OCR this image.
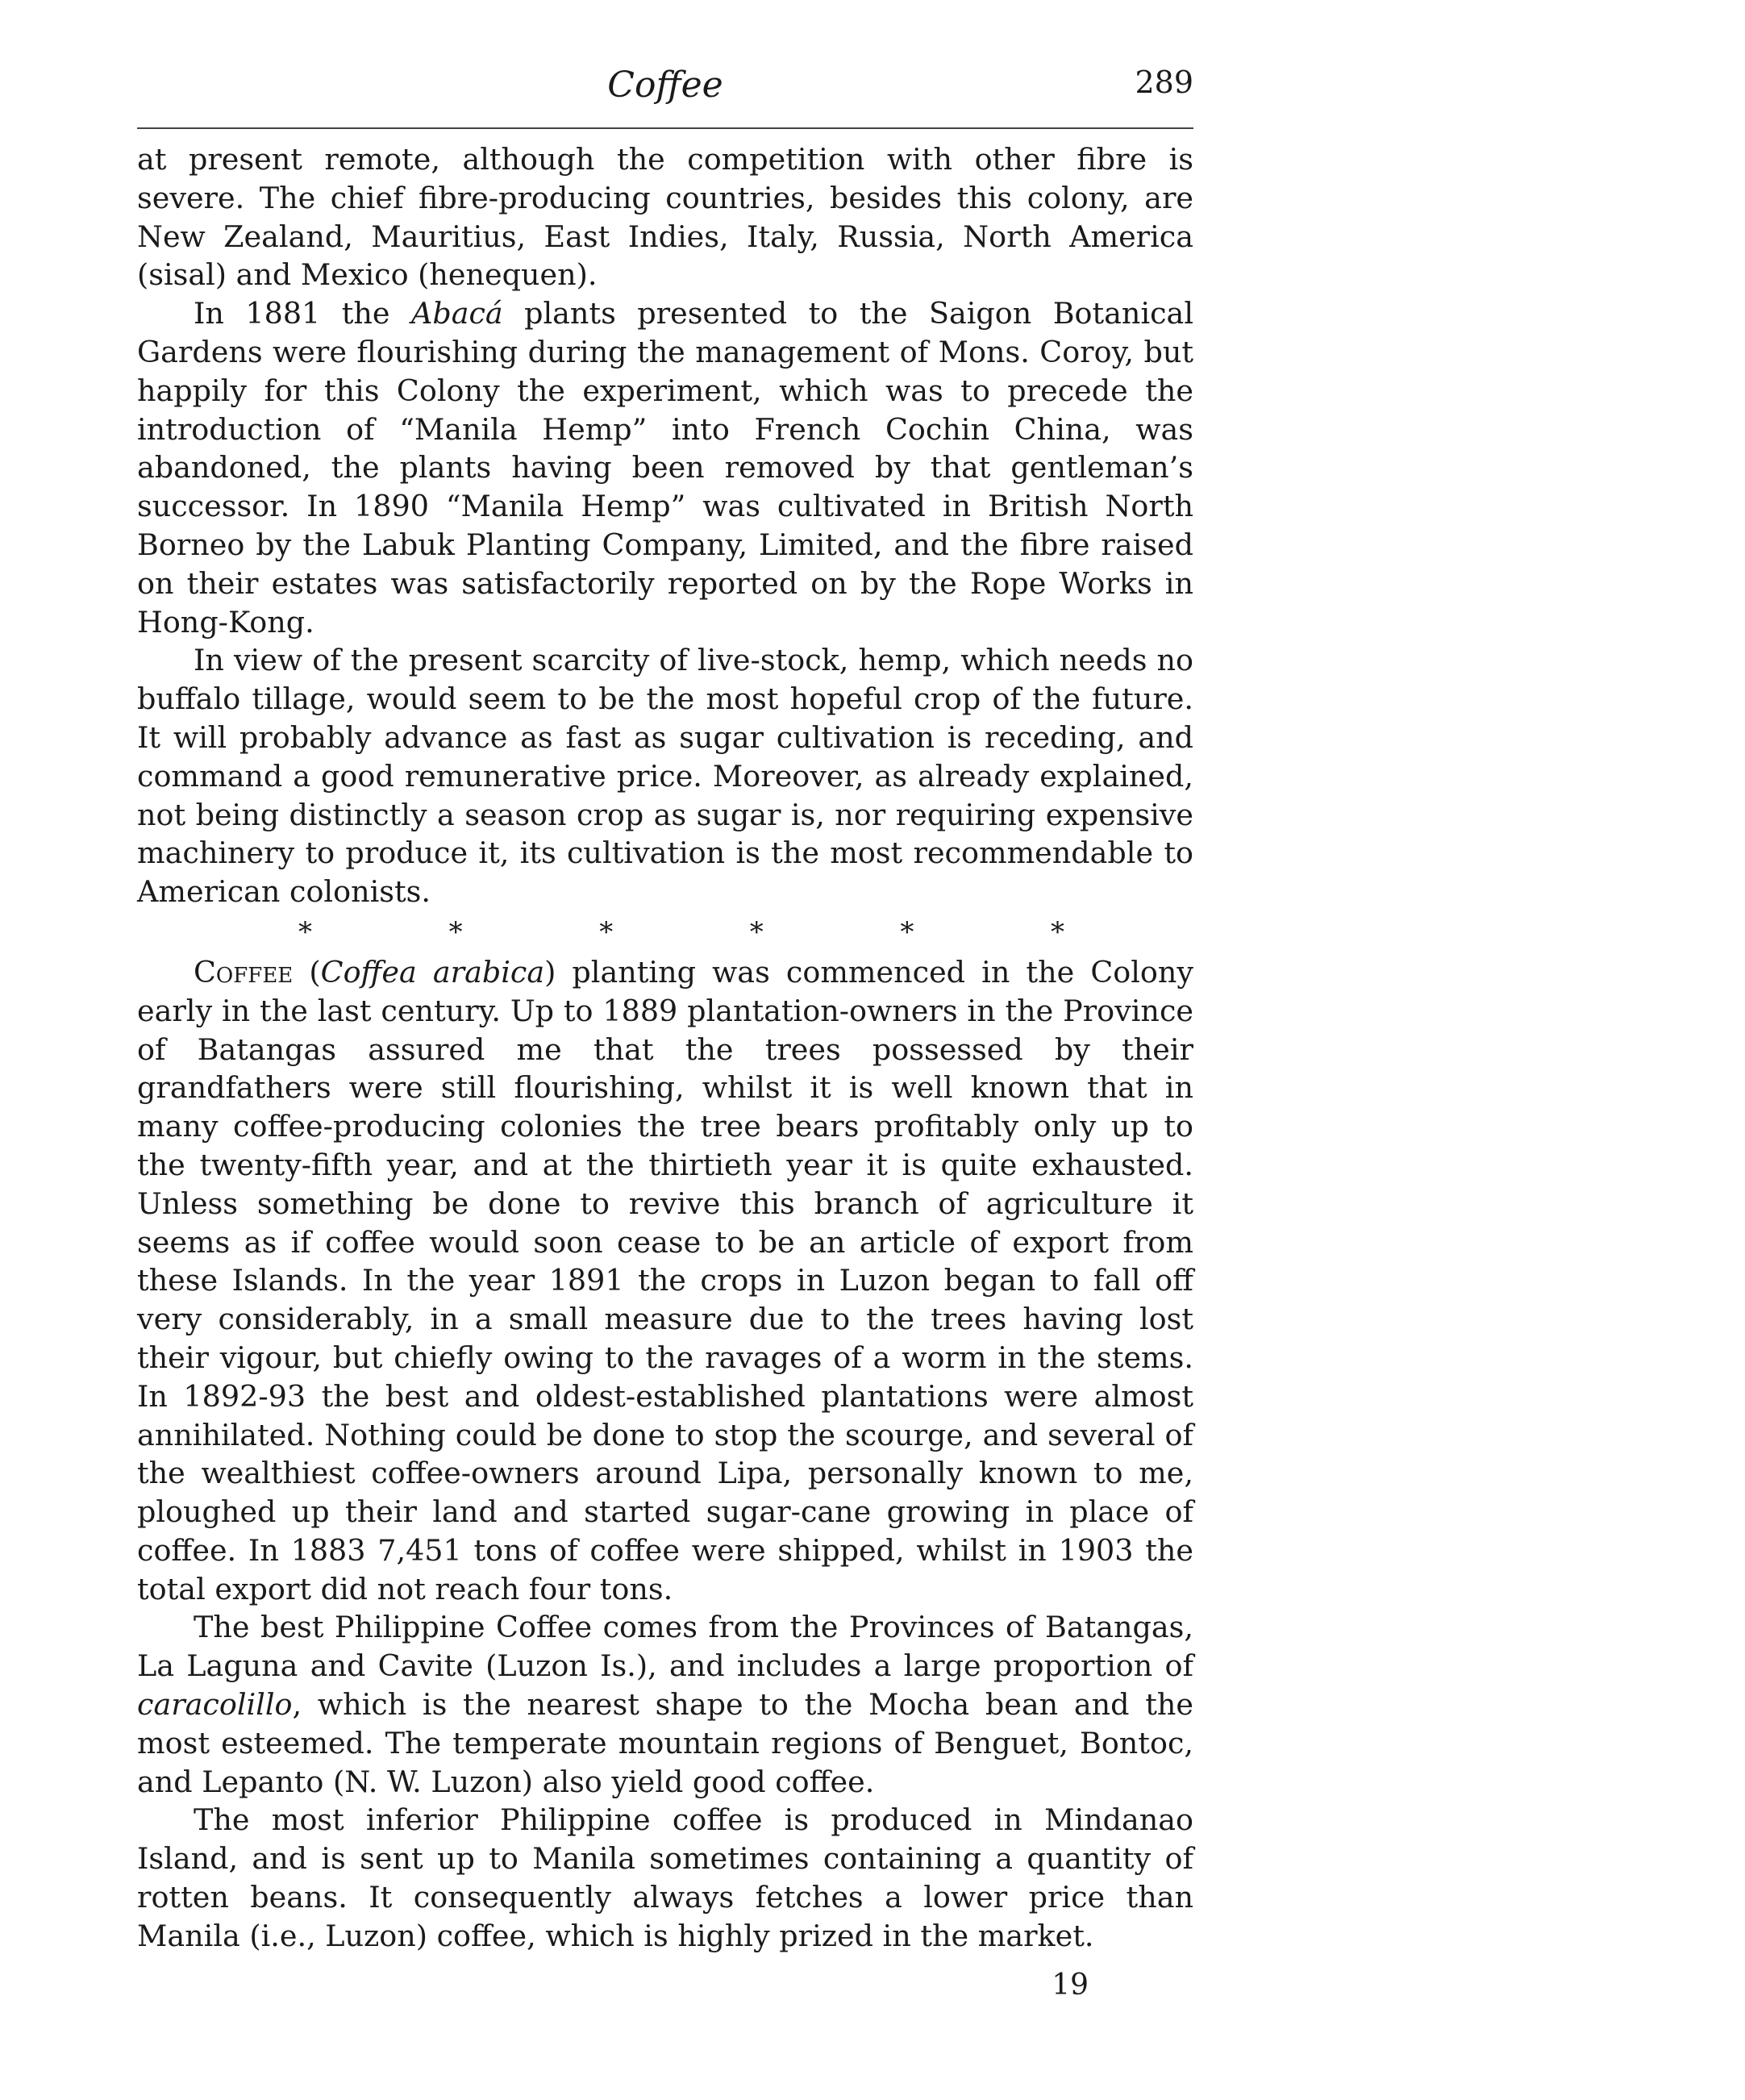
Coffee	289

at present remote, although the competition with other fibre is severe. The chief fibre-producing countries, besides this colony, are New Zealand, Mauritius, East Indies, Italy, Russia, North America (sisal) and Mexico (henequen).

In 1881 the Abacá plants presented to the Saigon Botanical Gardens were flourishing during the management of Mons. Coroy, but happily for this Colony the experiment, which was to precede the introduction of “Manila Hemp” into French Cochin China, was abandoned, the plants having been removed by that gentleman’s successor. In 1890 “Manila Hemp” was cultivated in British North Borneo by the Labuk Planting Company, Limited, and the fibre raised on their estates was satisfactorily reported on by the Rope Works in Hong-Kong.

In view of the present scarcity of live-stock, hemp, which needs no buffalo tillage, would seem to be the most hopeful crop of the future. It will probably advance as fast as sugar cultivation is receding, and command a good remunerative price. Moreover, as already explained, not being distinctly a season crop as sugar is, nor requiring expensive machinery to produce it, its cultivation is the most recommendable to American colonists.

*	*	*	*	*	*

Coffee (Coffea arabica) planting was commenced in the Colony early in the last century. Up to 1889 plantation-owners in the Province of Batangas assured me that the trees possessed by their grandfathers were still flourishing, whilst it is well known that in many coffee-producing colonies the tree bears profitably only up to the twenty-fifth year, and at the thirtieth year it is quite exhausted. Unless something be done to revive this branch of agriculture it seems as if coffee would soon cease to be an article of export from these Islands. In the year 1891 the crops in Luzon began to fall off very considerably, in a small measure due to the trees having lost their vigour, but chiefly owing to the ravages of a worm in the stems. In 1892-93 the best and oldest-established plantations were almost annihilated. Nothing could be done to stop the scourge, and several of the wealthiest coffee-owners around Lipa, personally known to me, ploughed up their land and started sugar-cane growing in place of coffee. In 1883 7,451 tons of coffee were shipped, whilst in 1903 the total export did not reach four tons.

The best Philippine Coffee comes from the Provinces of Batangas, La Laguna and Cavite (Luzon Is.), and includes a large proportion of caracolillo, which is the nearest shape to the Mocha bean and the most esteemed. The temperate mountain regions of Benguet, Bontoc, and Lepanto (N. W. Luzon) also yield good coffee.

The most inferior Philippine coffee is produced in Mindanao Island, and is sent up to Manila sometimes containing a quantity of rotten beans. It consequently always fetches a lower price than Manila (i.e., Luzon) coffee, which is highly prized in the market.

19
